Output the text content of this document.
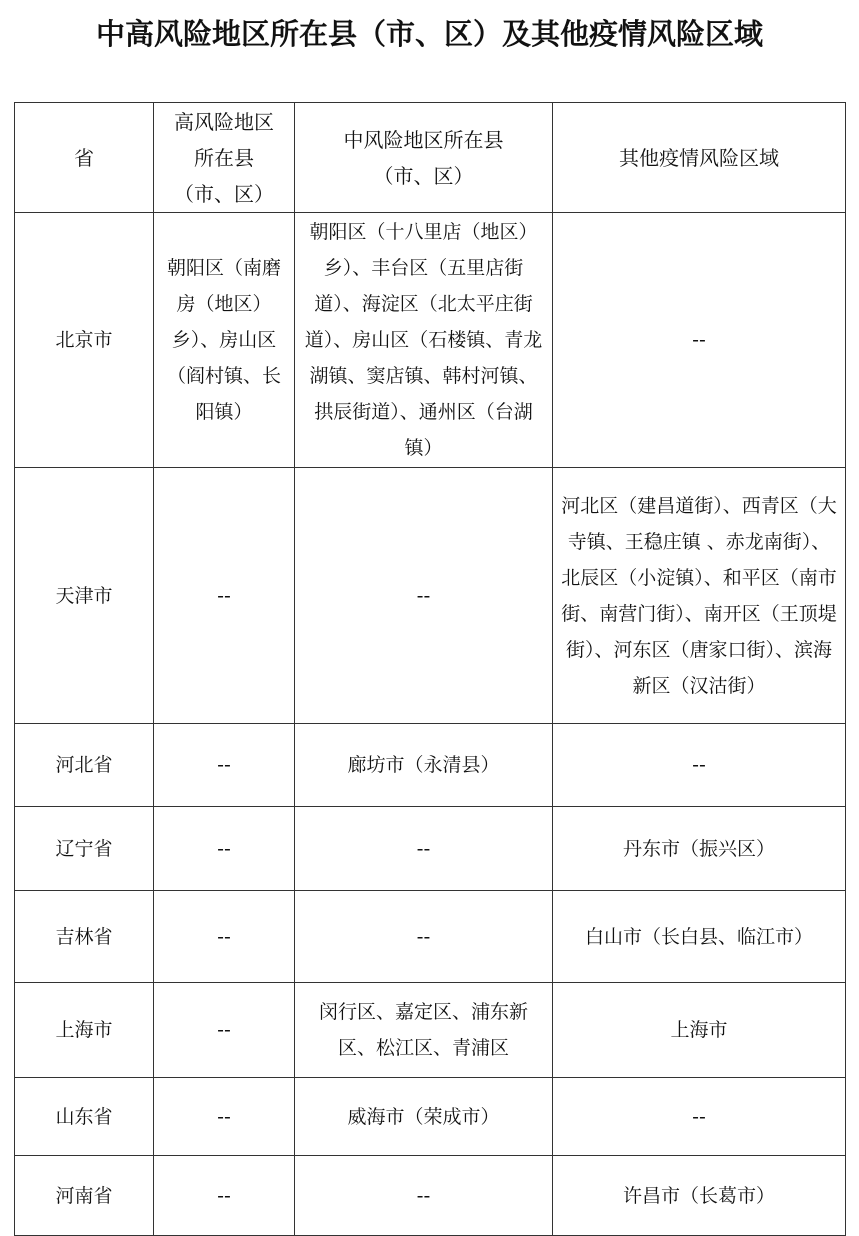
中高风险地区所在县（市、区）及其他疫情风险区域
省	高风险地区所在县（市、区）	中风险地区所在县（市、区）	其他疫情风险区域
北京市	朝阳区（南磨房（地区）乡）、房山区（阎村镇、长阳镇）	朝阳区（十八里店（地区）乡）、丰台区（五里店街道）、海淀区（北太平庄街道）、房山区（石楼镇、青龙湖镇、窦店镇、韩村河镇、拱辰街道）、通州区（台湖镇）	--
天津市	--	--	河北区（建昌道街）、西青区（大寺镇、王稳庄镇 、赤龙南街）、北辰区（小淀镇）、和平区（南市街、南营门街）、南开区（王顶堤街）、河东区（唐家口街）、滨海新区（汉沽街）
河北省	--	廊坊市（永清县）	--
辽宁省	--	--	丹东市（振兴区）
吉林省	--	--	白山市（长白县、临江市）
上海市	--	闵行区、嘉定区、浦东新区、松江区、青浦区	上海市
山东省	--	威海市（荣成市）	--
河南省	--	--	许昌市（长葛市）
